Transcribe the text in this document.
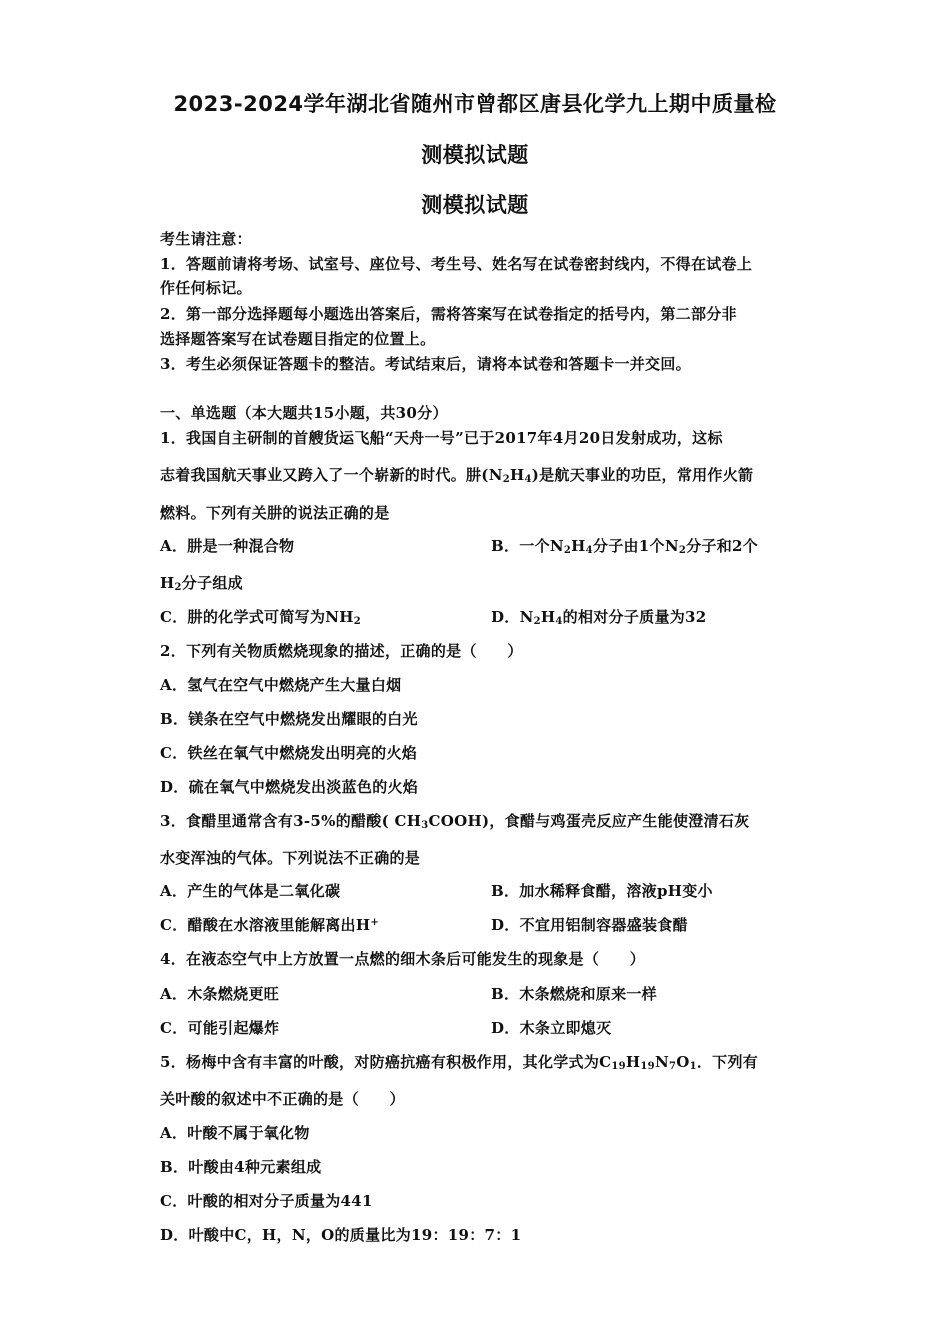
2023-2024学年湖北省随州市曾都区唐县化学九上期中质量检
测模拟试题
测模拟试题
考生请注意：
1．答题前请将考场、试室号、座位号、考生号、姓名写在试卷密封线内，不得在试卷上
作任何标记。
2．第一部分选择题每小题选出答案后，需将答案写在试卷指定的括号内，第二部分非
选择题答案写在试卷题目指定的位置上。
3．考生必须保证答题卡的整洁。考试结束后，请将本试卷和答题卡一并交回。
一、单选题（本大题共15小题，共30分）
1．我国自主研制的首艘货运飞船“天舟一号”已于2017年4月20日发射成功，这标
志着我国航天事业又跨入了一个崭新的时代。肼$(N_2H_4)$是航天事业的功臣，常用作火箭
燃料。下列有关肼的说法正确的是
A．肼是一种混合物	B．一个$N_2H_4$分子由1个$N_2$分子和2个
$H_2$分子组成
C．肼的化学式可简写为$NH_2$	D．$N_2H_4$的相对分子质量为32
2．下列有关物质燃烧现象的描述，正确的是（　　）
A．氢气在空气中燃烧产生大量白烟
B．镁条在空气中燃烧发出耀眼的白光
C．铁丝在氧气中燃烧发出明亮的火焰
D．硫在氧气中燃烧发出淡蓝色的火焰
3．食醋里通常含有3-5%的醋酸( $CH_3COOH$)，食醋与鸡蛋壳反应产生能使澄清石灰
水变浑浊的气体。下列说法不正确的是
A．产生的气体是二氧化碳	B．加水稀释食醋，溶液pH变小
C．醋酸在水溶液里能解离出H+	D．不宜用铝制容器盛装食醋
4．在液态空气中上方放置一点燃的细木条后可能发生的现象是（　　）
A．木条燃烧更旺	B．木条燃烧和原来一样
C．可能引起爆炸	D．木条立即熄灭
5．杨梅中含有丰富的叶酸，对防癌抗癌有积极作用，其化学式为$C_{19}H_{19}N_7O_1$．下列有
关叶酸的叙述中不正确的是（　　）
A．叶酸不属于氧化物
B．叶酸由4种元素组成
C．叶酸的相对分子质量为441
D．叶酸中C，H，N，O的质量比为19：19：7：1
